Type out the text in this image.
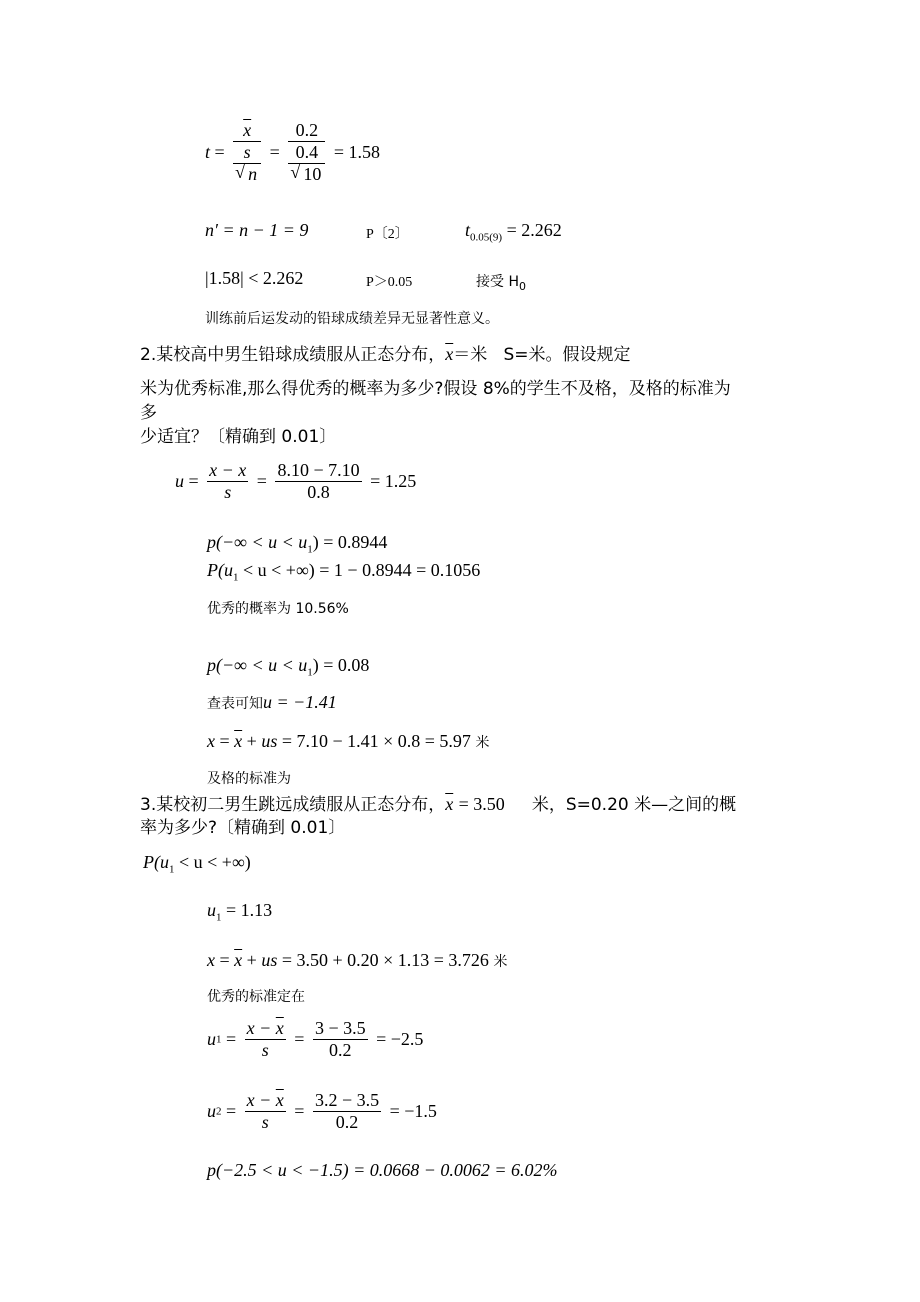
t =
$\overline{x}$
s
√ n
=
0.2
0.4
√ 10
= 1.58
n′ = n − 1 = 9	P〔2〕	$t_{0.05(9)} = 2.262$
|1.58| < 2.262	P＞0.05	接受 $H_0$
训练前后运发动的铅球成绩差异无显著性意义。
2.某校高中男生铅球成绩服从正态分布，$\overline{x}=$米 S=米。假设规定
米为优秀标准,那么得优秀的概率为多少?假设 8%的学生不及格，及格的标准为
多
少适宜？〔精确到 0.01〕
$u = \frac{x - x}{s} = \frac{8.10 - 7.10}{0.8} = 1.25$
$p(-\infty < u < u_1) = 0.8944$
$P(u_1 < u$ < +∞) = 1 − 0.8944 = 0.1056
优秀的概率为 10.56%
$p(-\infty < u < u_1) = 0.08$
查表可知u = −1.41
$x = \overline{x}$ + us = 7.10 − 1.41 × 0.8 = 5.97 米
及格的标准为
3.某校初二男生跳远成绩服从正态分布，$\overline{x} = 3.50$ 米，S=0.20 米—之间的概
率为多少?〔精确到 0.01〕
$P(u_1 < u$ < +∞)
$u_1 = 1.13$
$x = \overline{x}$ + us = 3.50 + 0.20 × 1.13 = 3.726 米
优秀的标准定在
$u1 = \frac{x - \overline{x}}{s} = \frac{3 - 3.5}{0.2} = -2.5$
$u2 = \frac{x - \overline{x}}{s} = \frac{3.2 - 3.5}{0.2} = -1.5$
p(−2.5 < u < −1.5) = 0.0668 − 0.0062 = 6.02%
